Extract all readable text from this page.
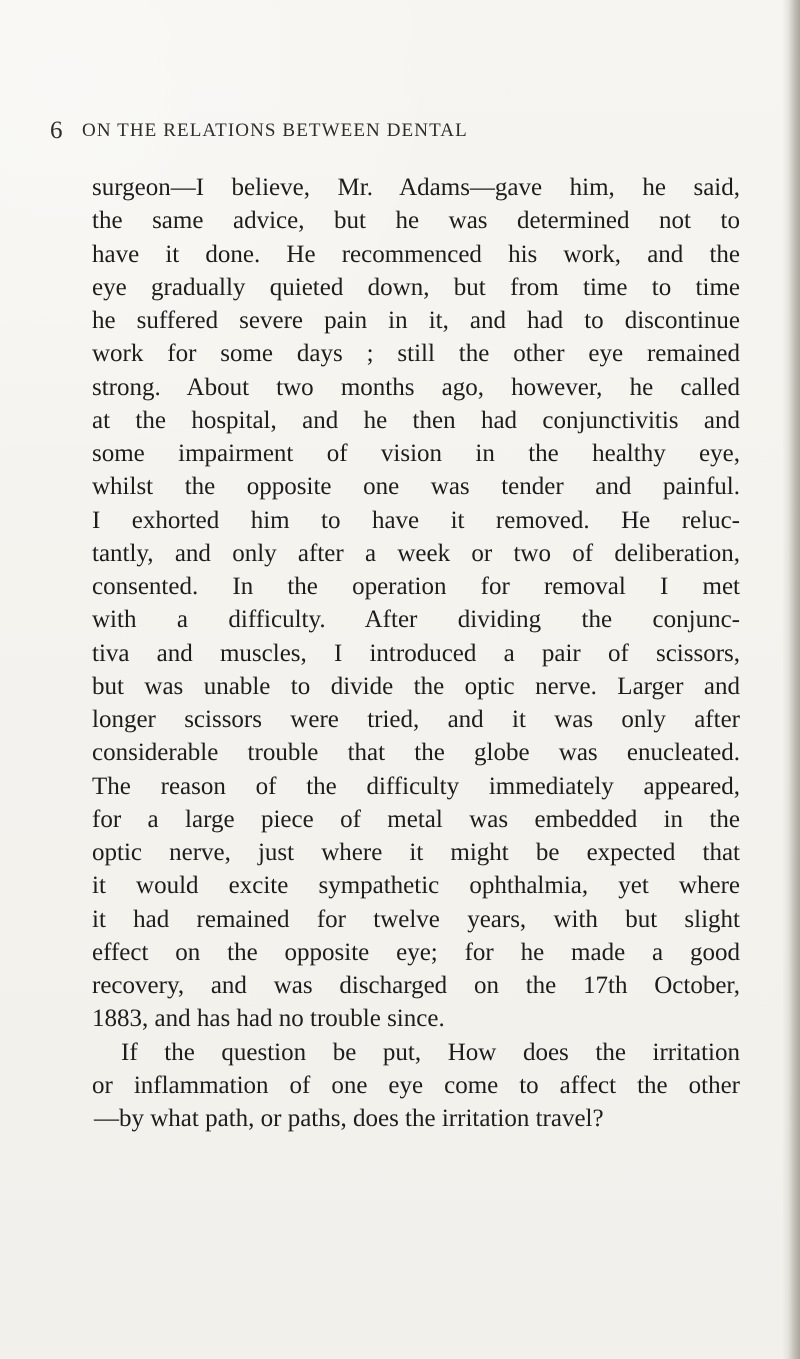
6 ON THE RELATIONS BETWEEN DENTAL
surgeon—I believe, Mr. Adams—gave him, he said,
the same advice, but he was determined not to
have it done. He recommenced his work, and the
eye gradually quieted down, but from time to time
he suffered severe pain in it, and had to discontinue
work for some days ; still the other eye remained
strong. About two months ago, however, he called
at the hospital, and he then had conjunctivitis and
some impairment of vision in the healthy eye,
whilst the opposite one was tender and painful.
I exhorted him to have it removed. He reluc-
tantly, and only after a week or two of deliberation,
consented. In the operation for removal I met
with a difficulty. After dividing the conjunc-
tiva and muscles, I introduced a pair of scissors,
but was unable to divide the optic nerve. Larger and
longer scissors were tried, and it was only after
considerable trouble that the globe was enucleated.
The reason of the difficulty immediately appeared,
for a large piece of metal was embedded in the
optic nerve, just where it might be expected that
it would excite sympathetic ophthalmia, yet where
it had remained for twelve years, with but slight
effect on the opposite eye; for he made a good
recovery, and was discharged on the 17th October,
1883, and has had no trouble since.
If the question be put, How does the irritation
or inflammation of one eye come to affect the other
—by what path, or paths, does the irritation travel?
